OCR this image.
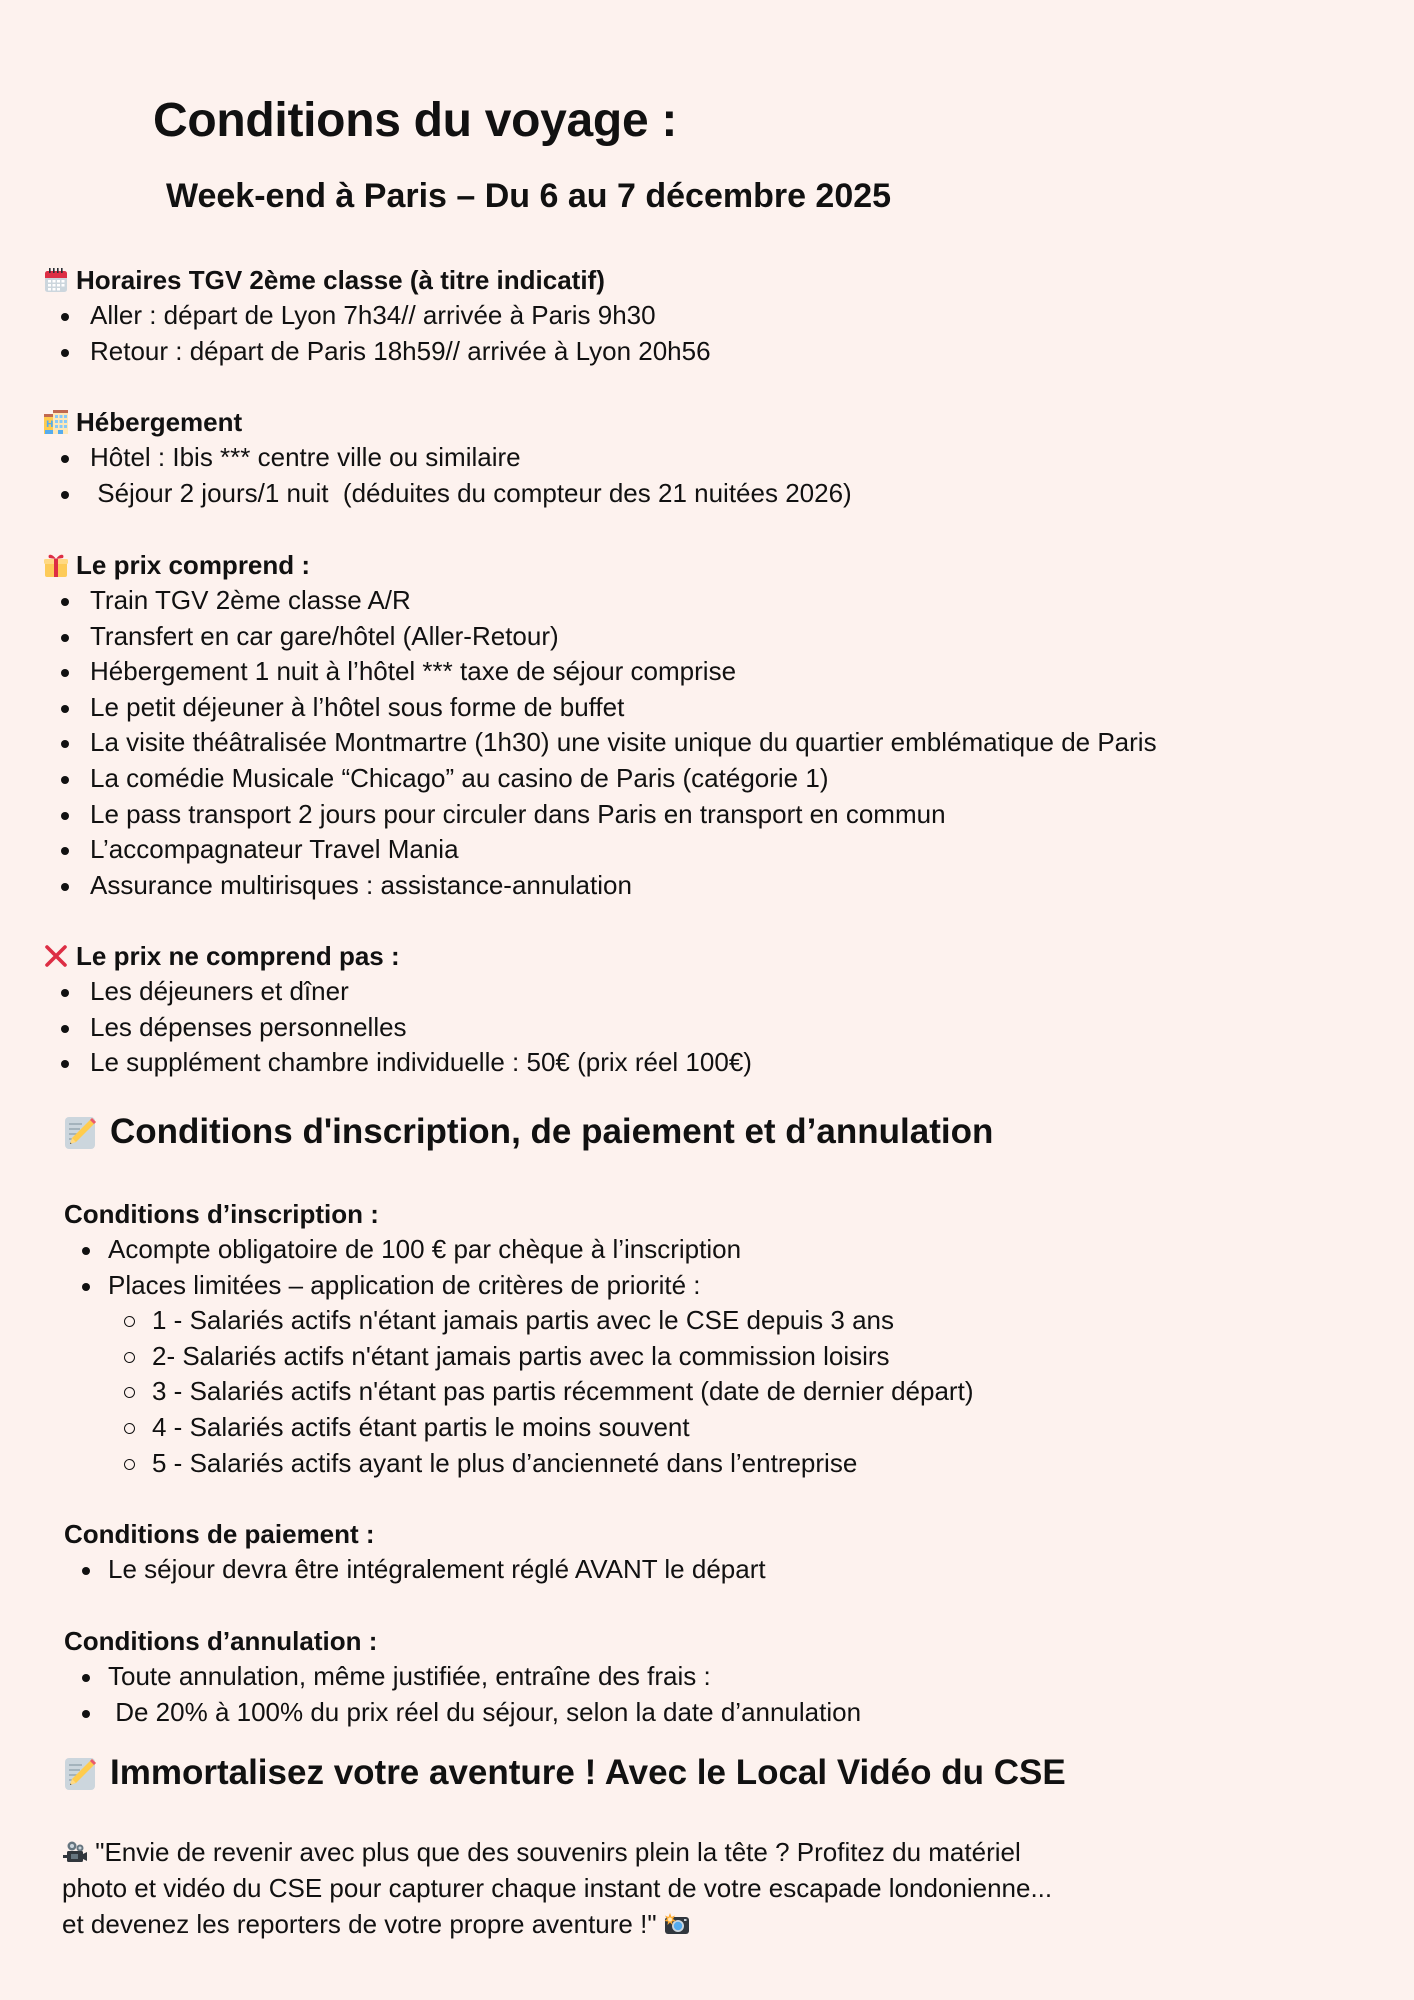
Conditions du voyage :
Week-end à Paris – Du 6 au 7 décembre 2025
Horaires TGV 2ème classe (à titre indicatif)
Aller : départ de Lyon 7h34// arrivée à Paris 9h30
Retour : départ de Paris 18h59// arrivée à Lyon 20h56
H Hébergement
Hôtel : Ibis *** centre ville ou similaire
Séjour 2 jours/1 nuit  (déduites du compteur des 21 nuitées 2026)
Le prix comprend :
Train TGV 2ème classe A/R
Transfert en car gare/hôtel (Aller-Retour)
Hébergement 1 nuit à l’hôtel *** taxe de séjour comprise
Le petit déjeuner à l’hôtel sous forme de buffet
La visite théâtralisée Montmartre (1h30) une visite unique du quartier emblématique de Paris
La comédie Musicale “Chicago” au casino de Paris (catégorie 1)
Le pass transport 2 jours pour circuler dans Paris en transport en commun
L’accompagnateur Travel Mania
Assurance multirisques : assistance-annulation
Le prix ne comprend pas :
Les déjeuners et dîner
Les dépenses personnelles
Le supplément chambre individuelle : 50€ (prix réel 100€)
Conditions d'inscription, de paiement et d’annulation
Conditions d’inscription :
Acompte obligatoire de 100 € par chèque à l’inscription
Places limitées – application de critères de priorité :
1 - Salariés actifs n'étant jamais partis avec le CSE depuis 3 ans
2- Salariés actifs n'étant jamais partis avec la commission loisirs
3 - Salariés actifs n'étant pas partis récemment (date de dernier départ)
4 - Salariés actifs étant partis le moins souvent
5 - Salariés actifs ayant le plus d’ancienneté dans l’entreprise
Conditions de paiement :
Le séjour devra être intégralement réglé AVANT le départ
Conditions d’annulation :
Toute annulation, même justifiée, entraîne des frais :
De 20% à 100% du prix réel du séjour, selon la date d’annulation
Immortalisez votre aventure ! Avec le Local Vidéo du CSE
"Envie de revenir avec plus que des souvenirs plein la tête ? Profitez du matériel
photo et vidéo du CSE pour capturer chaque instant de votre escapade londonienne...
et devenez les reporters de votre propre aventure !"
